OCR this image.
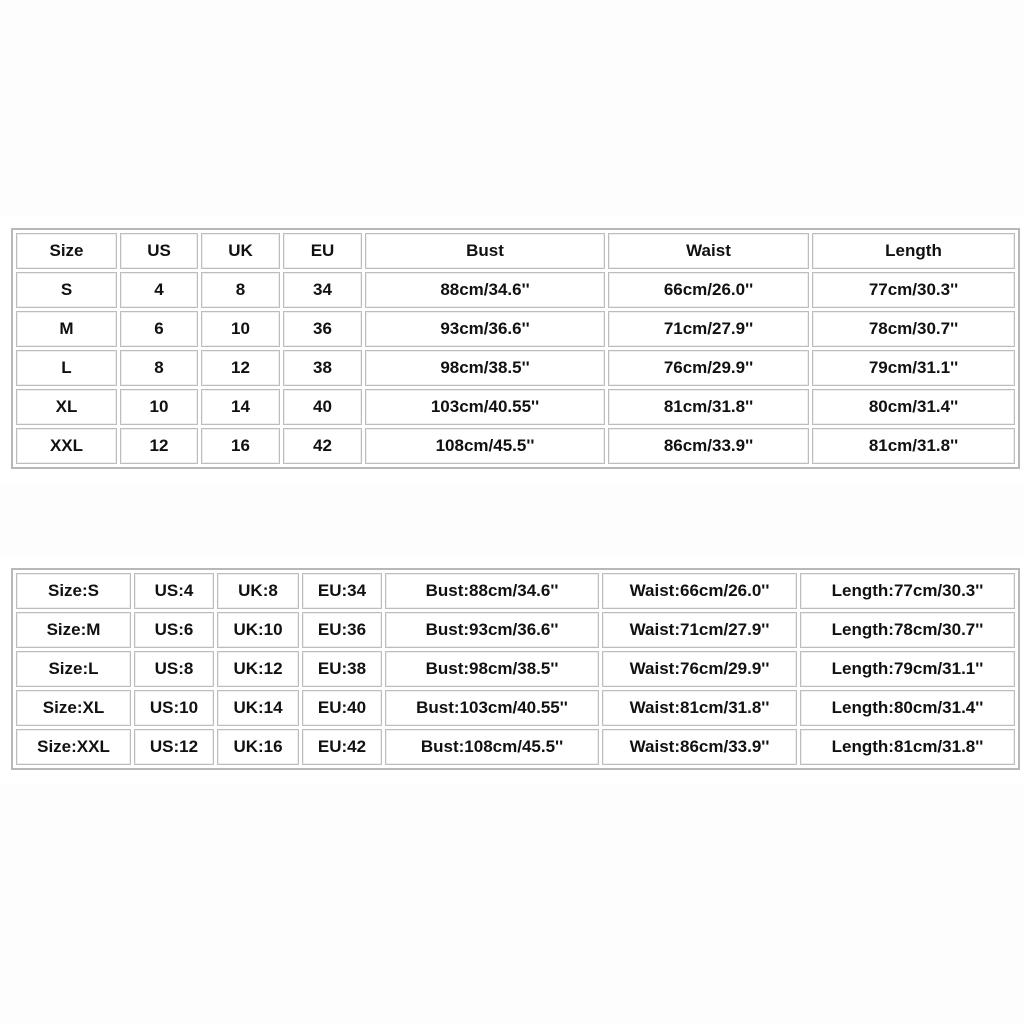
Size	US	UK	EU	Bust	Waist	Length
S	4	8	34	88cm/34.6''	66cm/26.0''	77cm/30.3''
M	6	10	36	93cm/36.6''	71cm/27.9''	78cm/30.7''
L	8	12	38	98cm/38.5''	76cm/29.9''	79cm/31.1''
XL	10	14	40	103cm/40.55''	81cm/31.8''	80cm/31.4''
XXL	12	16	42	108cm/45.5''	86cm/33.9''	81cm/31.8''
Size:S	US:4	UK:8	EU:34	Bust:88cm/34.6''	Waist:66cm/26.0''	Length:77cm/30.3''
Size:M	US:6	UK:10	EU:36	Bust:93cm/36.6''	Waist:71cm/27.9''	Length:78cm/30.7''
Size:L	US:8	UK:12	EU:38	Bust:98cm/38.5''	Waist:76cm/29.9''	Length:79cm/31.1''
Size:XL	US:10	UK:14	EU:40	Bust:103cm/40.55''	Waist:81cm/31.8''	Length:80cm/31.4''
Size:XXL	US:12	UK:16	EU:42	Bust:108cm/45.5''	Waist:86cm/33.9''	Length:81cm/31.8''
